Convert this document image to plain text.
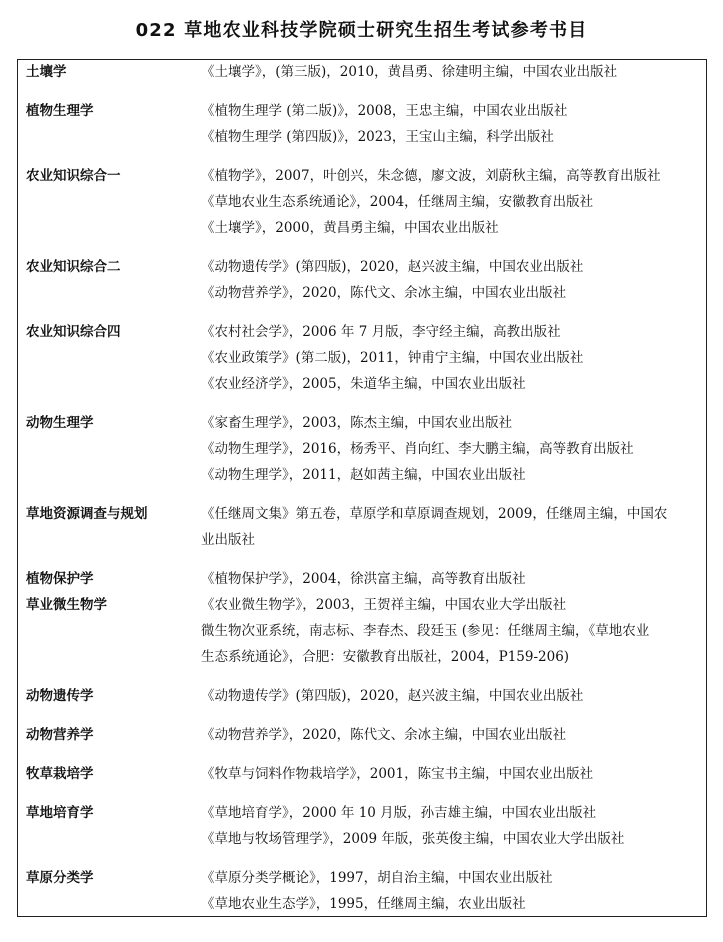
022 草地农业科技学院硕士研究生招生考试参考书目
土壤学	《土壤学》，(第三版)，2010，黄昌勇、徐建明主编，中国农业出版社
植物生理学	《植物生理学 (第二版)》，2008，王忠主编，中国农业出版社
《植物生理学 (第四版)》，2023，王宝山主编，科学出版社
农业知识综合一	《植物学》，2007，叶创兴，朱念德，廖文波，刘蔚秋主编，高等教育出版社
《草地农业生态系统通论》，2004，任继周主编，安徽教育出版社
《土壤学》，2000，黄昌勇主编，中国农业出版社
农业知识综合二	《动物遗传学》(第四版)，2020，赵兴波主编，中国农业出版社
《动物营养学》，2020，陈代文、余冰主编，中国农业出版社
农业知识综合四	《农村社会学》，2006 年 7 月版，李守经主编，高教出版社
《农业政策学》(第二版)，2011，钟甫宁主编，中国农业出版社
《农业经济学》，2005，朱道华主编，中国农业出版社
动物生理学	《家畜生理学》，2003，陈杰主编，中国农业出版社
《动物生理学》，2016，杨秀平、肖向红、李大鹏主编，高等教育出版社
《动物生理学》，2011，赵如茜主编，中国农业出版社
草地资源调查与规划	《任继周文集》第五卷，草原学和草原调查规划，2009，任继周主编，中国农
业出版社
植物保护学	《植物保护学》，2004，徐洪富主编，高等教育出版社
草业微生物学	《农业微生物学》，2003，王贺祥主编，中国农业大学出版社
微生物次亚系统，南志标、李春杰、段廷玉 (参见：任继周主编，《草地农业
生态系统通论》，合肥：安徽教育出版社，2004，P159-206)
动物遗传学	《动物遗传学》(第四版)，2020，赵兴波主编，中国农业出版社
动物营养学	《动物营养学》，2020，陈代文、余冰主编，中国农业出版社
牧草栽培学	《牧草与饲料作物栽培学》，2001，陈宝书主编，中国农业出版社
草地培育学	《草地培育学》，2000 年 10 月版，孙吉雄主编，中国农业出版社
《草地与牧场管理学》，2009 年版，张英俊主编，中国农业大学出版社
草原分类学	《草原分类学概论》，1997，胡自治主编，中国农业出版社
《草地农业生态学》，1995，任继周主编，农业出版社
